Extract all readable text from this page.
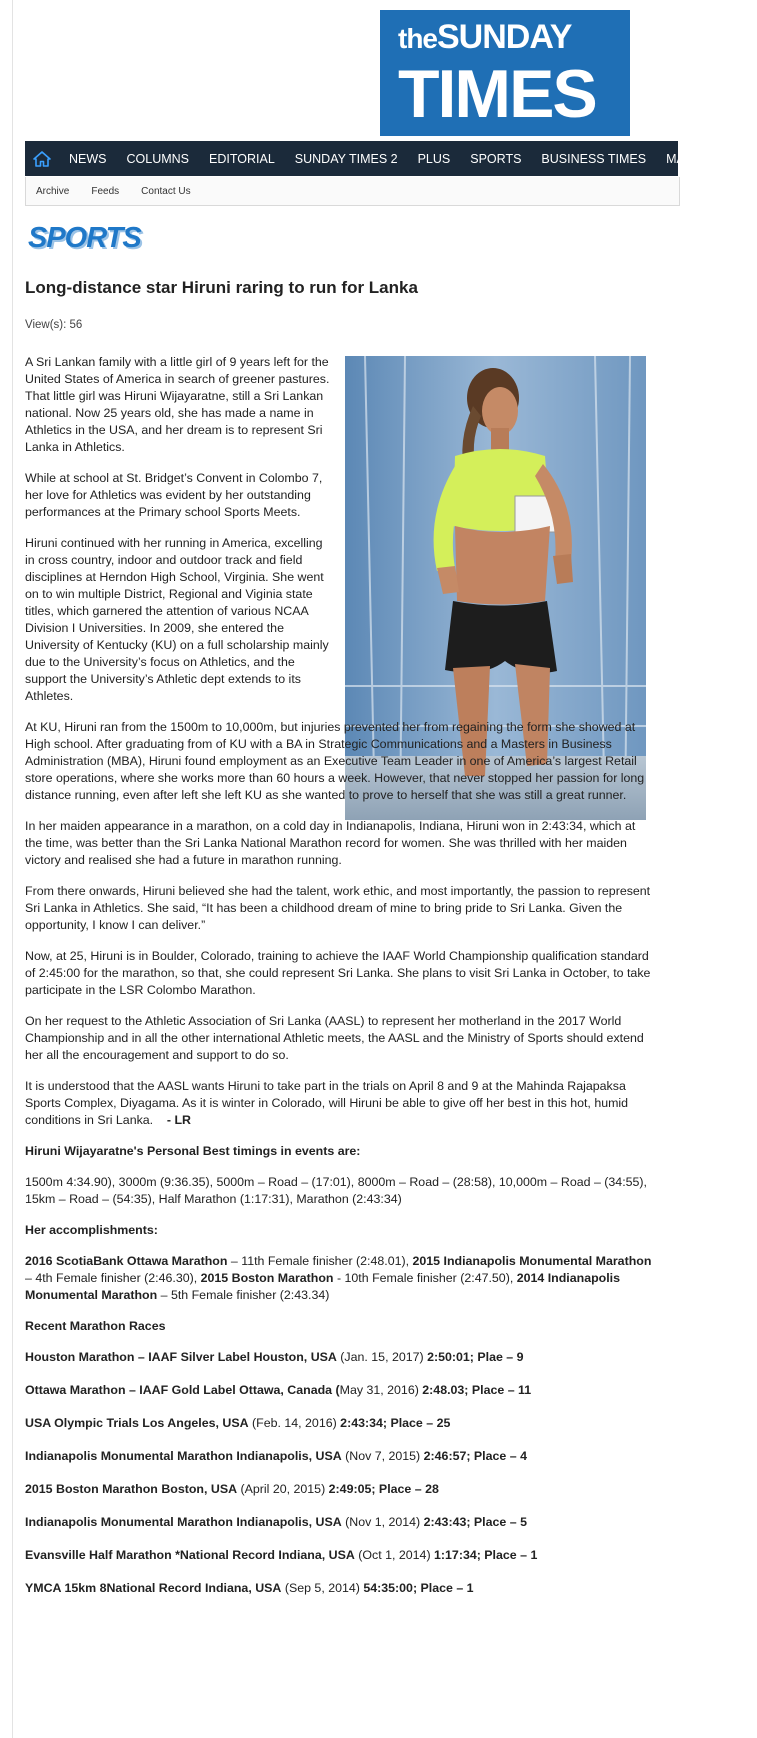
theSUNDAY
TIMES
NEWS	COLUMNS	EDITORIAL	SUNDAY TIMES 2	PLUS	SPORTS	BUSINESS TIMES	MAGAZINE
Archive Feeds Contact Us
SPORTS
Long-distance star Hiruni raring to run for Lanka
View(s): 56

A Sri Lankan family with a little girl of 9 years left for the United States of America in search of greener pastures. That little girl was Hiruni Wijayaratne, still a Sri Lankan national. Now 25 years old, she has made a name in Athletics in the USA, and her dream is to represent Sri Lanka in Athletics.

While at school at St. Bridget’s Convent in Colombo 7, her love for Athletics was evident by her outstanding performances at the Primary school Sports Meets.

Hiruni continued with her running in America, excelling in cross country, indoor and outdoor track and field disciplines at Herndon High School, Virginia. She went on to win multiple District, Regional and Viginia state titles, which garnered the attention of various NCAA Division I Universities. In 2009, she entered the University of Kentucky (KU) on a full scholarship mainly due to the University’s focus on Athletics, and the support the University’s Athletic dept extends to its Athletes.

At KU, Hiruni ran from the 1500m to 10,000m, but injuries prevented her from regaining the form she showed at High school. After graduating from of KU with a BA in Strategic Communications and a Masters in Business Administration (MBA), Hiruni found employment as an Executive Team Leader in one of America’s largest Retail store operations, where she works more than 60 hours a week. However, that never stopped her passion for long distance running, even after left she left KU as she wanted to prove to herself that she was still a great runner.

In her maiden appearance in a marathon, on a cold day in Indianapolis, Indiana, Hiruni won in 2:43:34, which at the time, was better than the Sri Lanka National Marathon record for women. She was thrilled with her maiden victory and realised she had a future in marathon running.

From there onwards, Hiruni believed she had the talent, work ethic, and most importantly, the passion to represent Sri Lanka in Athletics. She said, “It has been a childhood dream of mine to bring pride to Sri Lanka. Given the opportunity, I know I can deliver.”

Now, at 25, Hiruni is in Boulder, Colorado, training to achieve the IAAF World Championship qualification standard of 2:45:00 for the marathon, so that, she could represent Sri Lanka. She plans to visit Sri Lanka in October, to take participate in the LSR Colombo Marathon.

On her request to the Athletic Association of Sri Lanka (AASL) to represent her motherland in the 2017 World Championship and in all the other international Athletic meets, the AASL and the Ministry of Sports should extend her all the encouragement and support to do so.

It is understood that the AASL wants Hiruni to take part in the trials on April 8 and 9 at the Mahinda Rajapaksa Sports Complex, Diyagama. As it is winter in Colorado, will Hiruni be able to give off her best in this hot, humid conditions in Sri Lanka. - LR

Hiruni Wijayaratne's Personal Best timings in events are:

1500m 4:34.90), 3000m (9:36.35), 5000m – Road – (17:01), 8000m – Road – (28:58), 10,000m – Road – (34:55), 15km – Road – (54:35), Half Marathon (1:17:31), Marathon (2:43:34)

Her accomplishments:

2016 ScotiaBank Ottawa Marathon – 11th Female finisher (2:48.01), 2015 Indianapolis Monumental Marathon – 4th Female finisher (2:46.30), 2015 Boston Marathon - 10th Female finisher (2:47.50), 2014 Indianapolis Monumental Marathon – 5th Female finisher (2:43.34)

Recent Marathon Races

Houston Marathon – IAAF Silver Label Houston, USA (Jan. 15, 2017) 2:50:01; Plae – 9

Ottawa Marathon – IAAF Gold Label Ottawa, Canada (May 31, 2016) 2:48.03; Place – 11

USA Olympic Trials Los Angeles, USA (Feb. 14, 2016) 2:43:34; Place – 25

Indianapolis Monumental Marathon Indianapolis, USA (Nov 7, 2015) 2:46:57; Place – 4

2015 Boston Marathon Boston, USA (April 20, 2015) 2:49:05; Place – 28

Indianapolis Monumental Marathon Indianapolis, USA (Nov 1, 2014) 2:43:43; Place – 5

Evansville Half Marathon *National Record Indiana, USA (Oct 1, 2014) 1:17:34; Place – 1

YMCA 15km 8National Record Indiana, USA (Sep 5, 2014) 54:35:00; Place – 1
